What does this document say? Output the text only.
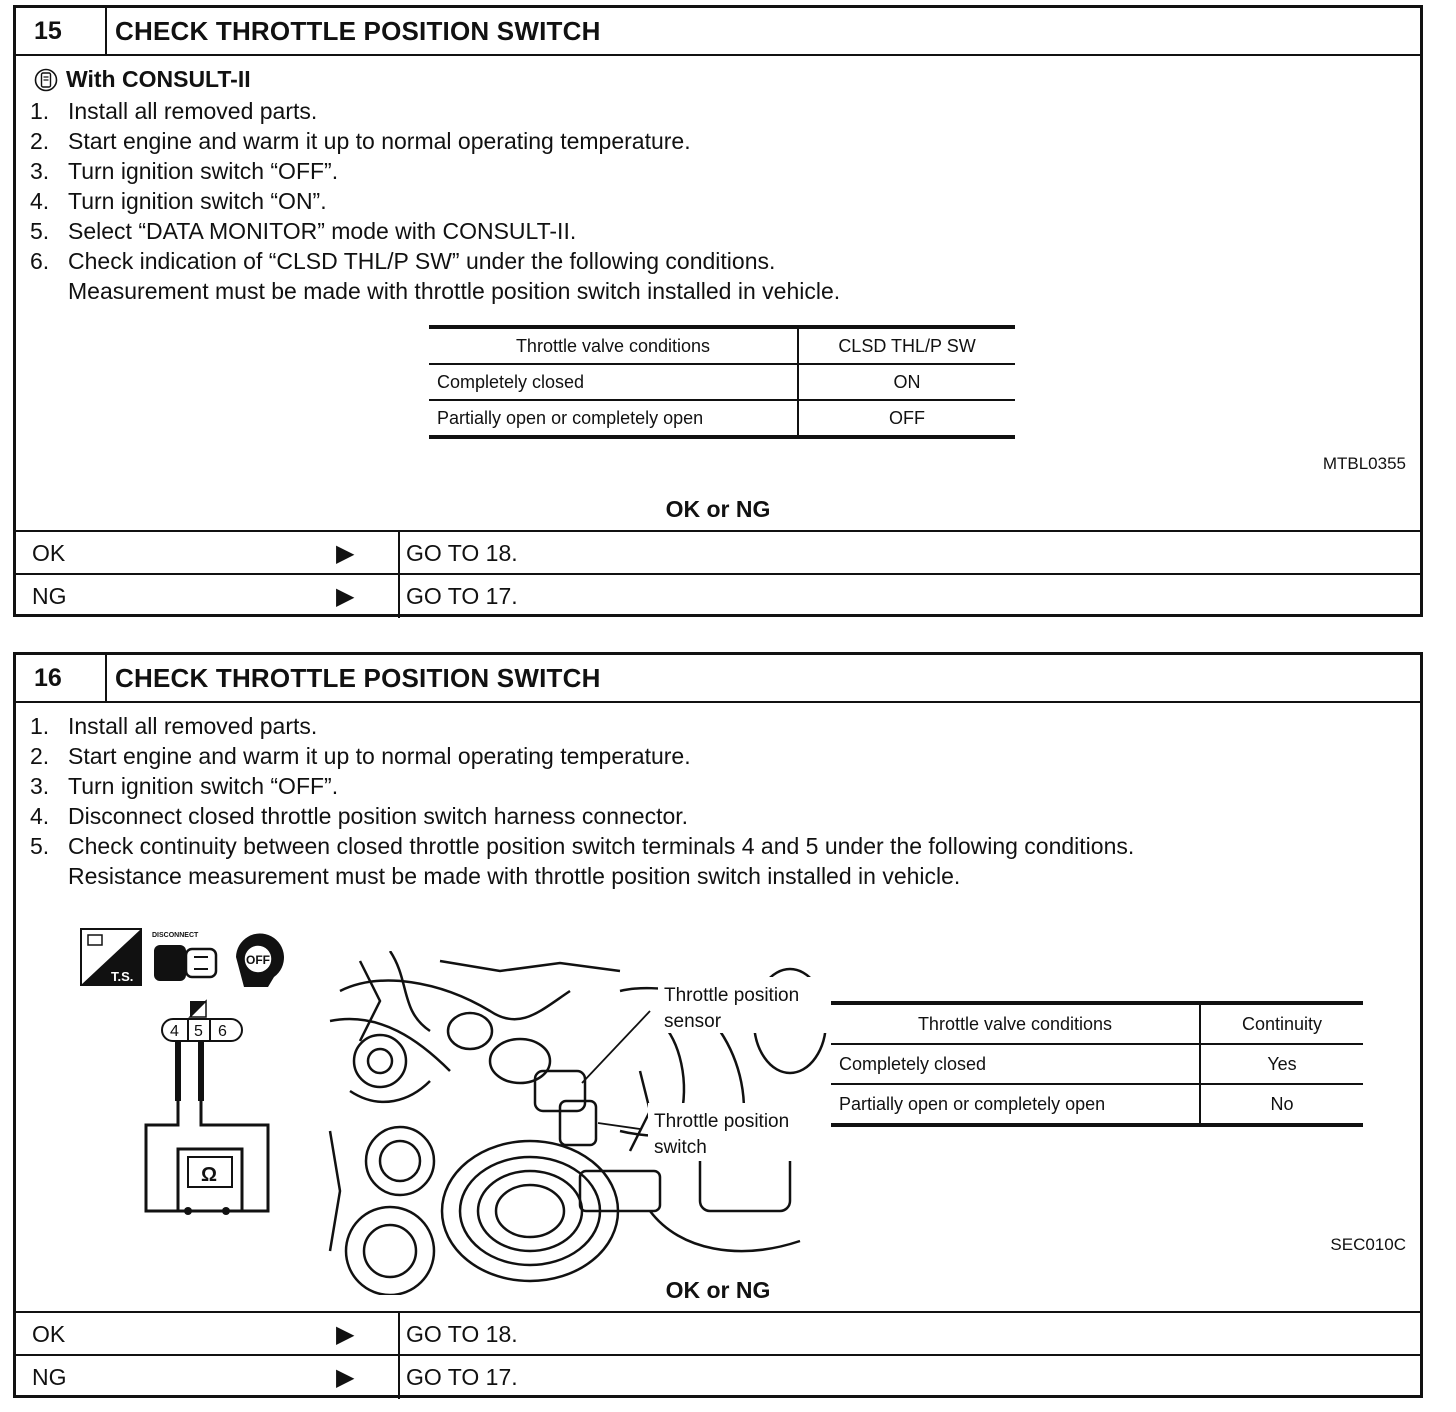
15	CHECK THROTTLE POSITION SWITCH
With CONSULT-II
1. Install all removed parts.
2. Start engine and warm it up to normal operating temperature.
3. Turn ignition switch “OFF”.
4. Turn ignition switch “ON”.
5. Select “DATA MONITOR” mode with CONSULT-II.
6. Check indication of “CLSD THL/P SW” under the following conditions.
Measurement must be made with throttle position switch installed in vehicle.
Throttle valve conditions	CLSD THL/P SW
Completely closed	ON
Partially open or completely open	OFF
MTBL0355
OK or NG
OK	▶	GO TO 18.
NG	▶	GO TO 17.
16	CHECK THROTTLE POSITION SWITCH
1. Install all removed parts.
2. Start engine and warm it up to normal operating temperature.
3. Turn ignition switch “OFF”.
4. Disconnect closed throttle position switch harness connector.
5. Check continuity between closed throttle position switch terminals 4 and 5 under the following conditions.
Resistance measurement must be made with throttle position switch installed in vehicle.
T.S.
DISCONNECT
OFF
4 5 6
Ω
Throttle position
sensor
Throttle position
switch
Throttle valve conditions	Continuity
Completely closed	Yes
Partially open or completely open	No
SEC010C
OK or NG
OK	▶	GO TO 18.
NG	▶	GO TO 17.
